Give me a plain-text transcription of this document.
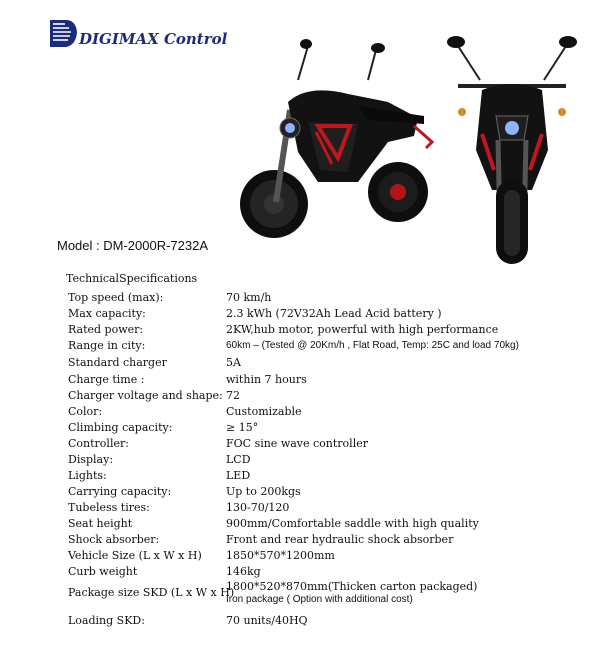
DIGIMAX Control
Model : DM-2000R-7232A
TechnicalSpecifications
Top speed (max):	70 km/h
Max capacity:	2.3 kWh (72V32Ah Lead Acid battery )
Rated power:	2KW,hub motor, powerful with high performance
Range in city:	60km – (Tested @ 20Km/h , Flat Road, Temp: 25C and load 70kg)
Standard charger	5A
Charge time :	within 7 hours
Charger voltage and shape: 72
Color:	Customizable
Climbing capacity:	≥ 15°
Controller:	FOC sine wave controller
Display:	LCD
Lights:	LED
Carrying capacity:	Up to 200kgs
Tubeless tires:	130-70/120
Seat height	900mm/Comfortable saddle with high quality
Shock absorber:	Front and rear hydraulic shock absorber
Vehicle Size (L x W x H) 1850*570*1200mm
Curb weight	146kg
Package size SKD (L x W x H)
1800*520*870mm(Thicken carton packaged)
Iron package ( Option with additional cost)
Loading SKD:	70 units/40HQ
